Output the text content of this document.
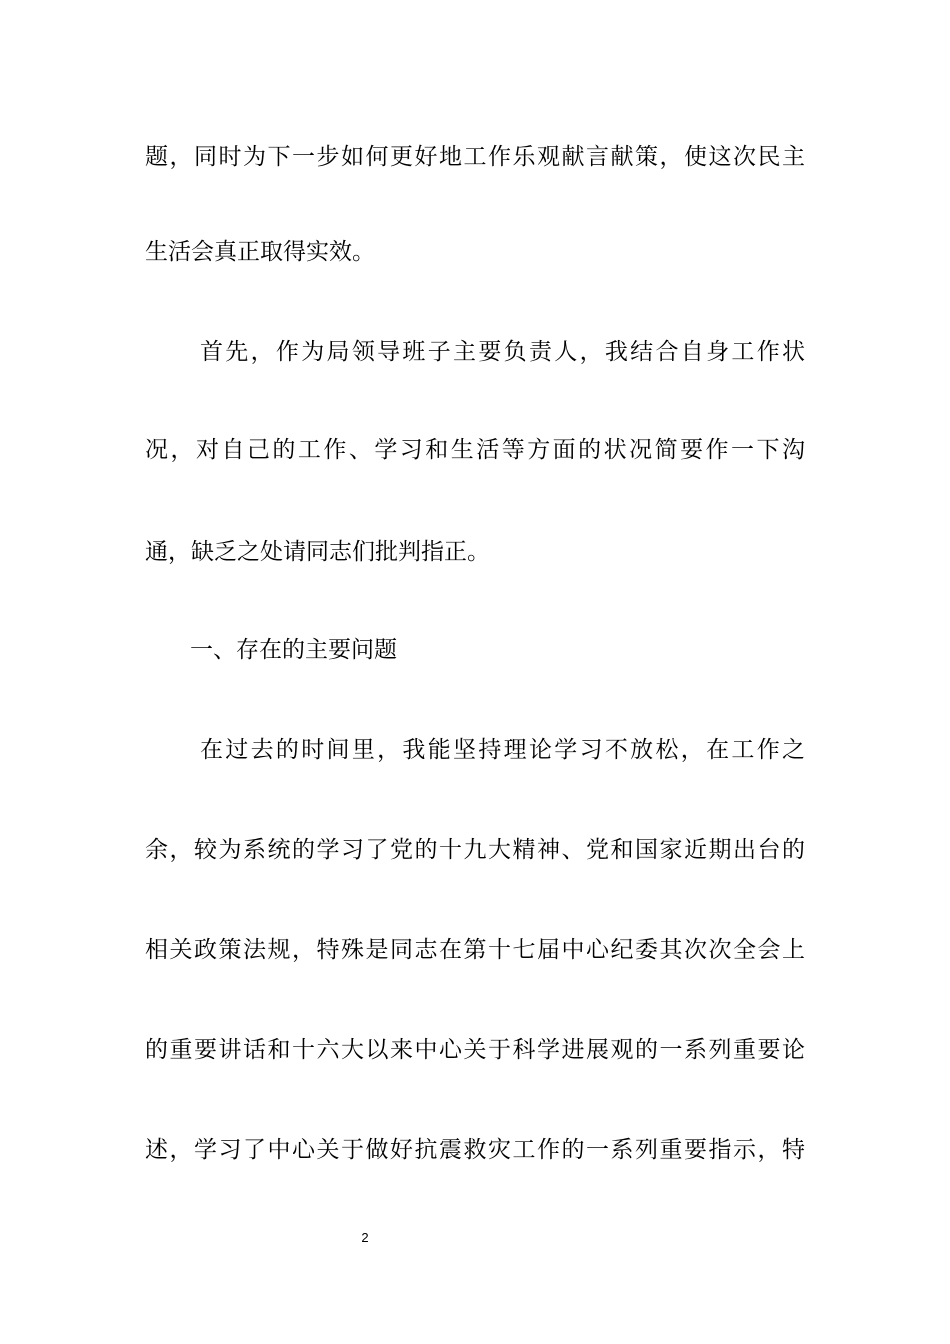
题，同时为下一步如何更好地工作乐观献言献策，使这次民主
生活会真正取得实效。
首先，作为局领导班子主要负责人，我结合自身工作状
况，对自己的工作、学习和生活等方面的状况简要作一下沟
通，缺乏之处请同志们批判指正。
一、存在的主要问题
在过去的时间里，我能坚持理论学习不放松，在工作之
余，较为系统的学习了党的十九大精神、党和国家近期出台的
相关政策法规，特殊是同志在第十七届中心纪委其次次全会上
的重要讲话和十六大以来中心关于科学进展观的一系列重要论
述，学习了中心关于做好抗震救灾工作的一系列重要指示，特
2
